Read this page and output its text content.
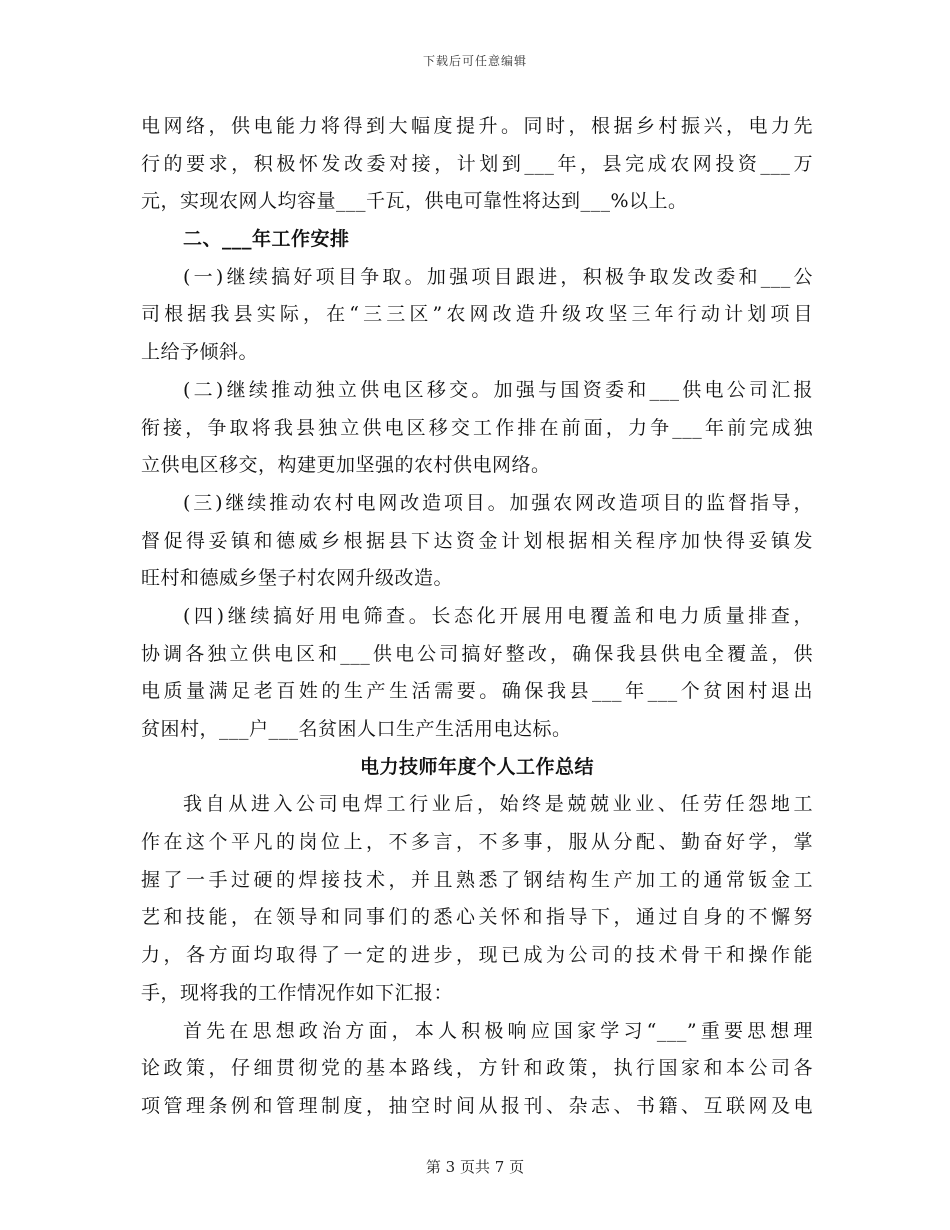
下载后可任意编辑
电网络，供电能力将得到大幅度提升。同时，根据乡村振兴，电力先
行的要求，积极怀发改委对接，计划到___年，县完成农网投资___万
元，实现农网人均容量___千瓦，供电可靠性将达到___%以上。
二、___年工作安排
(一)继续搞好项目争取。加强项目跟进，积极争取发改委和___公
司根据我县实际，在“三三区”农网改造升级攻坚三年行动计划项目
上给予倾斜。
(二)继续推动独立供电区移交。加强与国资委和___供电公司汇报
衔接，争取将我县独立供电区移交工作排在前面，力争___年前完成独
立供电区移交，构建更加坚强的农村供电网络。
(三)继续推动农村电网改造项目。加强农网改造项目的监督指导，
督促得妥镇和德威乡根据县下达资金计划根据相关程序加快得妥镇发
旺村和德威乡堡子村农网升级改造。
(四)继续搞好用电筛查。长态化开展用电覆盖和电力质量排查，
协调各独立供电区和___供电公司搞好整改，确保我县供电全覆盖，供
电质量满足老百姓的生产生活需要。确保我县___年___个贫困村退出
贫困村，___户___名贫困人口生产生活用电达标。
电力技师年度个人工作总结
我自从进入公司电焊工行业后，始终是兢兢业业、任劳任怨地工
作在这个平凡的岗位上，不多言，不多事，服从分配、勤奋好学，掌
握了一手过硬的焊接技术，并且熟悉了钢结构生产加工的通常钣金工
艺和技能，在领导和同事们的悉心关怀和指导下，通过自身的不懈努
力，各方面均取得了一定的进步，现已成为公司的技术骨干和操作能
手，现将我的工作情况作如下汇报：
首先在思想政治方面，本人积极响应国家学习“___”重要思想理
论政策，仔细贯彻党的基本路线，方针和政策，执行国家和本公司各
项管理条例和管理制度，抽空时间从报刊、杂志、书籍、互联网及电
第 3 页共 7 页
